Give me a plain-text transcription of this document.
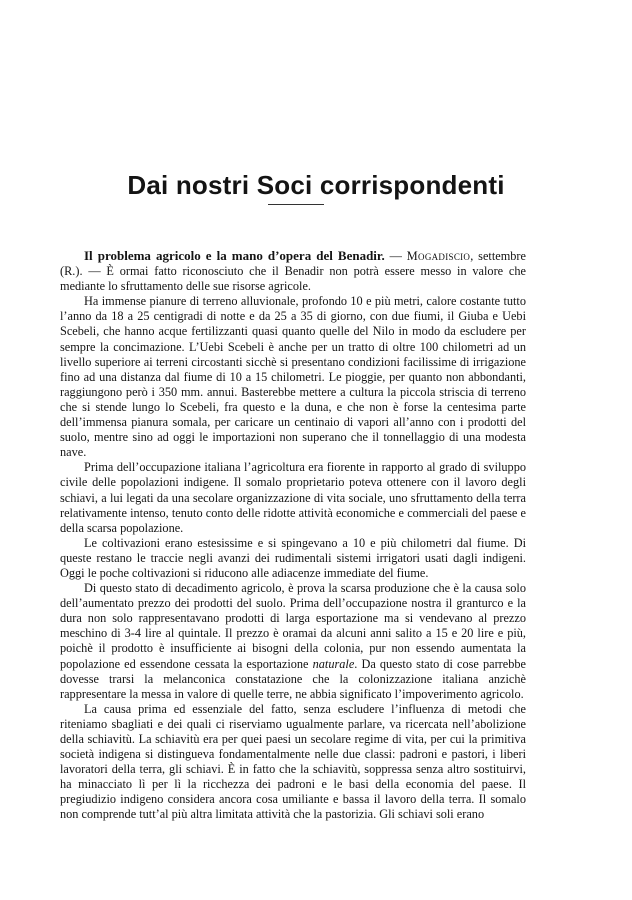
Dai nostri Soci corrispondenti

Il problema agricolo e la mano d’opera del Benadir. — Mogadiscio, settembre (R.). — È ormai fatto riconosciuto che il Benadir non potrà essere messo in valore che mediante lo sfruttamento delle sue risorse agricole.

Ha immense pianure di terreno alluvionale, profondo 10 e più metri, calore costante tutto l’anno da 18 a 25 centigradi di notte e da 25 a 35 di giorno, con due fiumi, il Giuba e Uebi Scebeli, che hanno acque fertilizzanti quasi quanto quelle del Nilo in modo da escludere per sempre la concimazione. L’Uebi Scebeli è anche per un tratto di oltre 100 chilometri ad un livello superiore ai terreni circostanti sicchè si presentano condizioni facilissime di irrigazione fino ad una distanza dal fiume di 10 a 15 chilometri. Le pioggie, per quanto non abbondanti, raggiungono però i 350 mm. annui. Basterebbe mettere a cultura la piccola striscia di terreno che si stende lungo lo Scebeli, fra questo e la duna, e che non è forse la centesima parte dell’immensa pianura somala, per caricare un centinaio di vapori all’anno con i prodotti del suolo, mentre sino ad oggi le importazioni non superano che il tonnellaggio di una modesta nave.

Prima dell’occupazione italiana l’agricoltura era fiorente in rapporto al grado di sviluppo civile delle popolazioni indigene. Il somalo proprietario poteva ottenere con il lavoro degli schiavi, a lui legati da una secolare organizzazione di vita sociale, uno sfruttamento della terra relativamente intenso, tenuto conto delle ridotte attività economiche e commerciali del paese e della scarsa popolazione.

Le coltivazioni erano estesissime e si spingevano a 10 e più chilometri dal fiume. Di queste restano le traccie negli avanzi dei rudimentali sistemi irrigatori usati dagli indigeni. Oggi le poche coltivazioni si riducono alle adiacenze immediate del fiume.

Di questo stato di decadimento agricolo, è prova la scarsa produzione che è la causa solo dell’aumentato prezzo dei prodotti del suolo. Prima dell’occupazione nostra il granturco e la dura non solo rappresentavano prodotti di larga esportazione ma si vendevano al prezzo meschino di 3-4 lire al quintale. Il prezzo è oramai da alcuni anni salito a 15 e 20 lire e più, poichè il prodotto è insufficiente ai bisogni della colonia, pur non essendo aumentata la popolazione ed essendone cessata la esportazione naturale. Da questo stato di cose parrebbe dovesse trarsi la melanconica constatazione che la colonizzazione italiana anzichè rappresentare la messa in valore di quelle terre, ne abbia significato l’impoverimento agricolo.

La causa prima ed essenziale del fatto, senza escludere l’influenza di metodi che riteniamo sbagliati e dei quali ci riserviamo ugualmente parlare, va ricercata nell’abolizione della schiavitù. La schiavitù era per quei paesi un secolare regime di vita, per cui la primitiva società indigena si distingueva fondamentalmente nelle due classi: padroni e pastori, i liberi lavoratori della terra, gli schiavi. È in fatto che la schiavitù, soppressa senza altro sostituirvi, ha minacciato lì per lì la ricchezza dei padroni e le basi della economia del paese. Il pregiudizio indigeno considera ancora cosa umiliante e bassa il lavoro della terra. Il somalo non comprende tutt’al più altra limitata attività che la pastorizia. Gli schiavi soli erano
